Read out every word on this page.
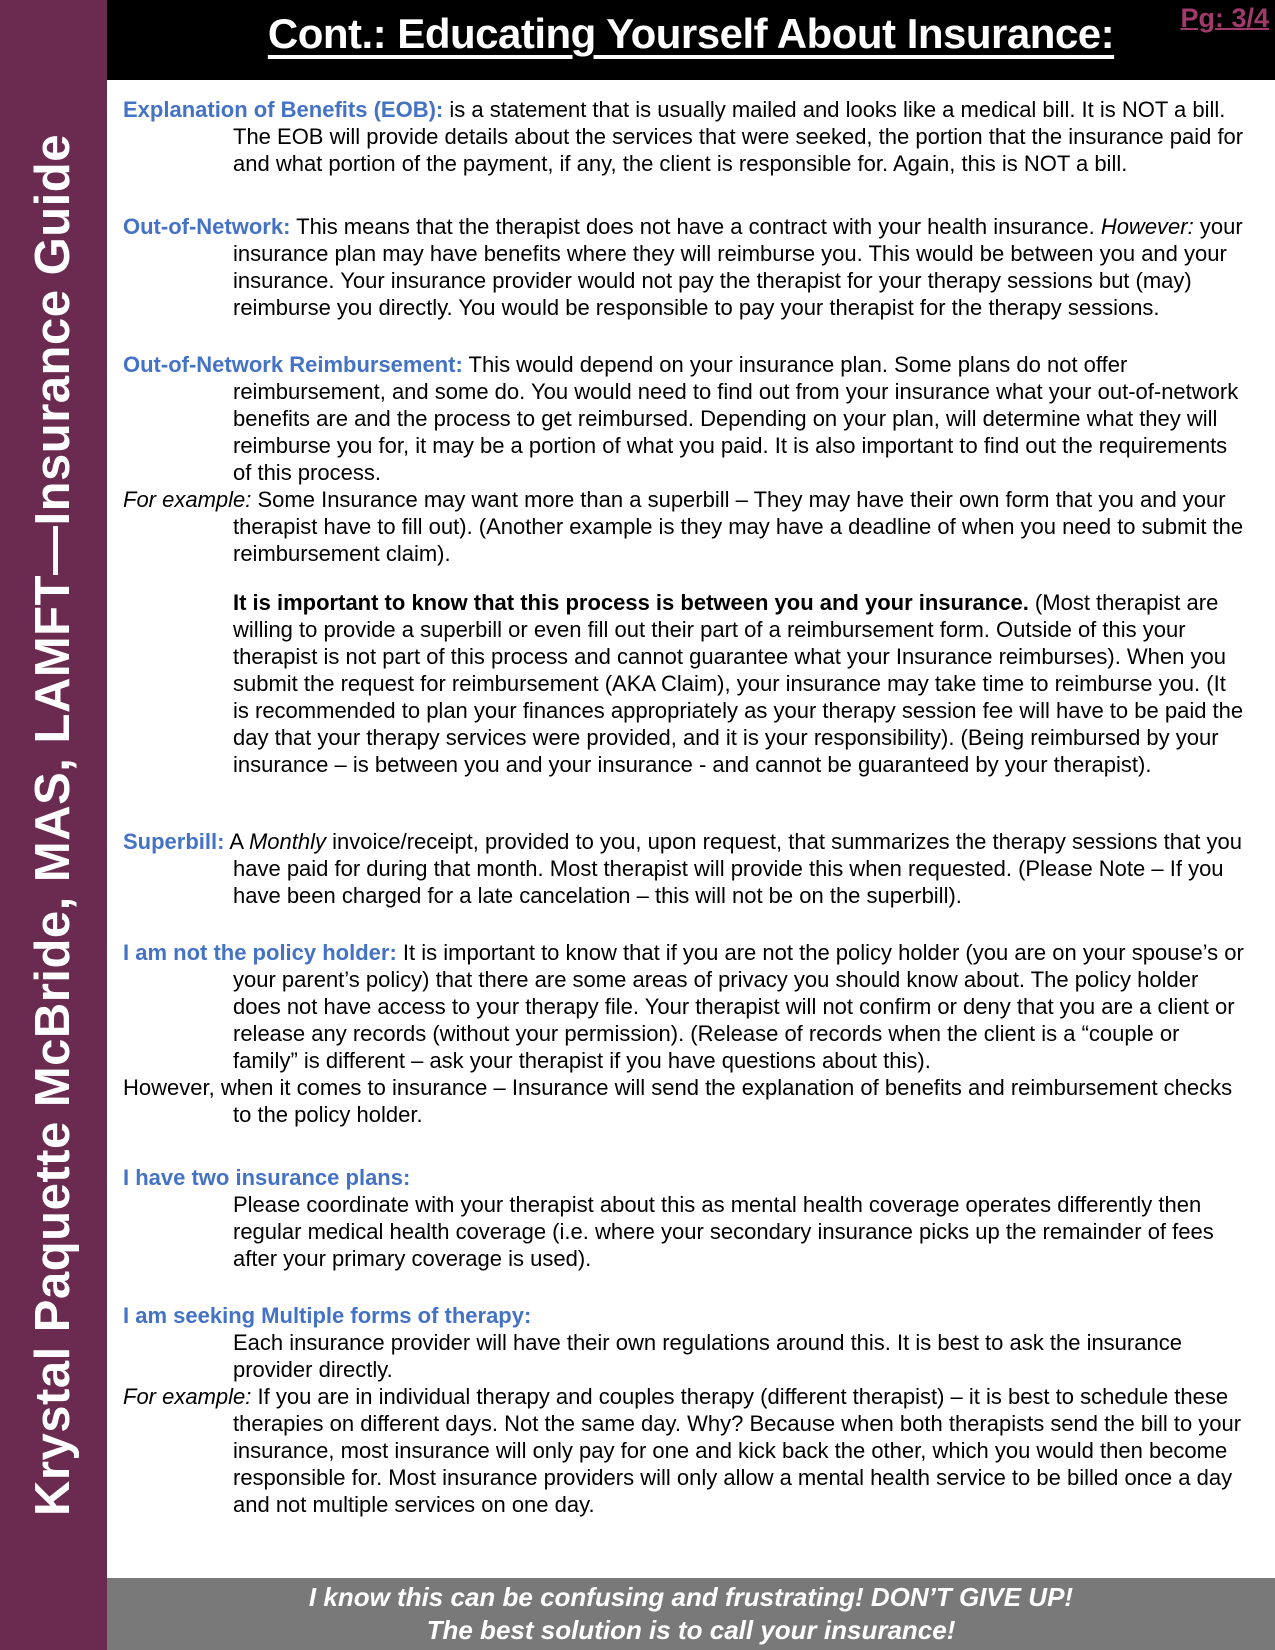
Krystal Paquette McBride, MAS, LAMFT—Insurance Guide
Pg: 3/4
Cont.: Educating Yourself About Insurance:

Explanation of Benefits (EOB): is a statement that is usually mailed and looks like a medical bill. It is NOT a bill. The EOB will provide details about the services that were seeked, the portion that the insurance paid for and what portion of the payment, if any, the client is responsible for. Again, this is NOT a bill.

Out-of-Network: This means that the therapist does not have a contract with your health insurance. However: your insurance plan may have benefits where they will reimburse you. This would be between you and your insurance. Your insurance provider would not pay the therapist for your therapy sessions but (may) reimburse you directly. You would be responsible to pay your therapist for the therapy sessions.

Out-of-Network Reimbursement: This would depend on your insurance plan. Some plans do not offer reimbursement, and some do. You would need to find out from your insurance what your out-of-network benefits are and the process to get reimbursed. Depending on your plan, will determine what they will reimburse you for, it may be a portion of what you paid. It is also important to find out the requirements of this process.

For example: Some Insurance may want more than a superbill – They may have their own form that you and your therapist have to fill out). (Another example is they may have a deadline of when you need to submit the reimbursement claim).

It is important to know that this process is between you and your insurance. (Most therapist are willing to provide a superbill or even fill out their part of a reimbursement form. Outside of this your therapist is not part of this process and cannot guarantee what your Insurance reimburses). When you submit the request for reimbursement (AKA Claim), your insurance may take time to reimburse you. (It is recommended to plan your finances appropriately as your therapy session fee will have to be paid the day that your therapy services were provided, and it is your responsibility). (Being reimbursed by your insurance – is between you and your insurance - and cannot be guaranteed by your therapist).

Superbill: A Monthly invoice/receipt, provided to you, upon request, that summarizes the therapy sessions that you have paid for during that month. Most therapist will provide this when requested. (Please Note – If you have been charged for a late cancelation – this will not be on the superbill).

I am not the policy holder: It is important to know that if you are not the policy holder (you are on your spouse’s or your parent’s policy) that there are some areas of privacy you should know about. The policy holder does not have access to your therapy file. Your therapist will not confirm or deny that you are a client or release any records (without your permission). (Release of records when the client is a “couple or family” is different – ask your therapist if you have questions about this).

However, when it comes to insurance – Insurance will send the explanation of benefits and reimbursement checks to the policy holder.

I have two insurance plans:

Please coordinate with your therapist about this as mental health coverage operates differently then regular medical health coverage (i.e. where your secondary insurance picks up the remainder of fees after your primary coverage is used).

I am seeking Multiple forms of therapy:

Each insurance provider will have their own regulations around this. It is best to ask the insurance provider directly.

For example: If you are in individual therapy and couples therapy (different therapist) – it is best to schedule these therapies on different days. Not the same day. Why? Because when both therapists send the bill to your insurance, most insurance will only pay for one and kick back the other, which you would then become responsible for. Most insurance providers will only allow a mental health service to be billed once a day and not multiple services on one day.

I know this can be confusing and frustrating! DON’T GIVE UP!
The best solution is to call your insurance!
